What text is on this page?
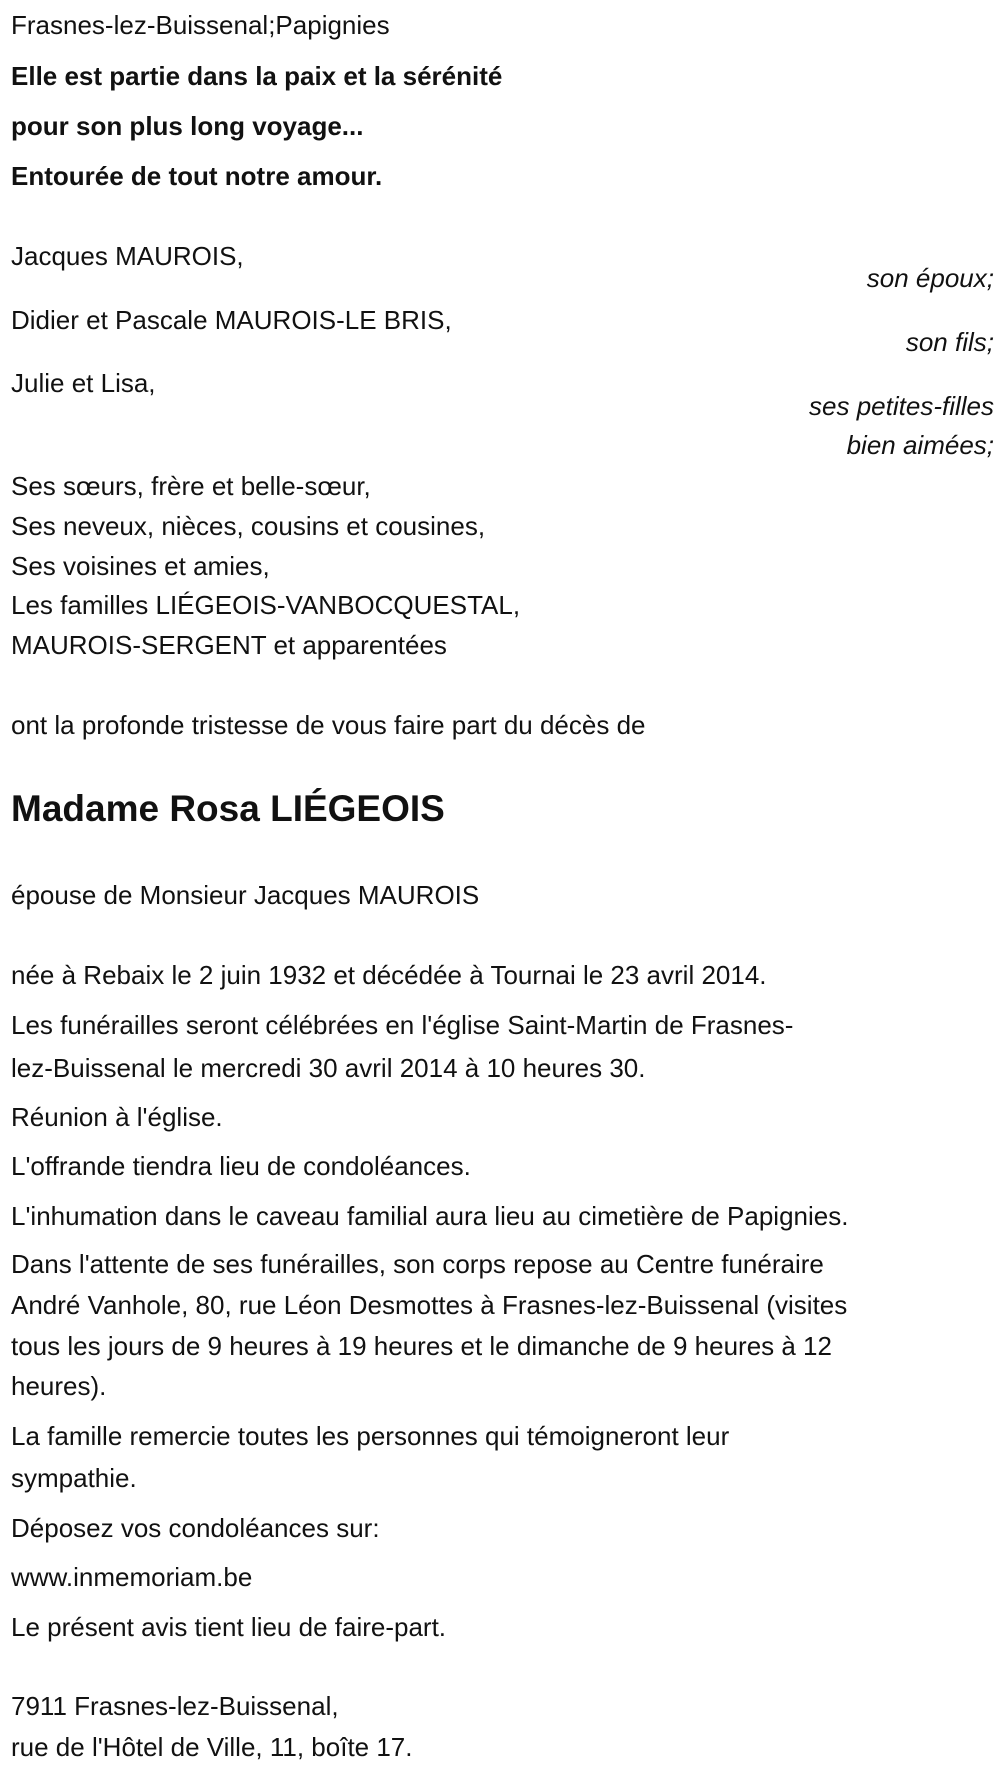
Frasnes-lez-Buissenal;Papignies
Elle est partie dans la paix et la sérénité
pour son plus long voyage...
Entourée de tout notre amour.
Jacques MAUROIS,
son époux;
Didier et Pascale MAUROIS-LE BRIS,
son fils;
Julie et Lisa,
ses petites-filles
bien aimées;
Ses sœurs, frère et belle-sœur,
Ses neveux, nièces, cousins et cousines,
Ses voisines et amies,
Les familles LIÉGEOIS-VANBOCQUESTAL,
MAUROIS-SERGENT et apparentées
ont la profonde tristesse de vous faire part du décès de
Madame Rosa LIÉGEOIS
épouse de Monsieur Jacques MAUROIS
née à Rebaix le 2 juin 1932 et décédée à Tournai le 23 avril 2014.
Les funérailles seront célébrées en l'église Saint-Martin de Frasnes-
lez-Buissenal le mercredi 30 avril 2014 à 10 heures 30.
Réunion à l'église.
L'offrande tiendra lieu de condoléances.
L'inhumation dans le caveau familial aura lieu au cimetière de Papignies.
Dans l'attente de ses funérailles, son corps repose au Centre funéraire
André Vanhole, 80, rue Léon Desmottes à Frasnes-lez-Buissenal (visites
tous les jours de 9 heures à 19 heures et le dimanche de 9 heures à 12
heures).
La famille remercie toutes les personnes qui témoigneront leur
sympathie.
Déposez vos condoléances sur:
www.inmemoriam.be
Le présent avis tient lieu de faire-part.
7911 Frasnes-lez-Buissenal,
rue de l'Hôtel de Ville, 11, boîte 17.
